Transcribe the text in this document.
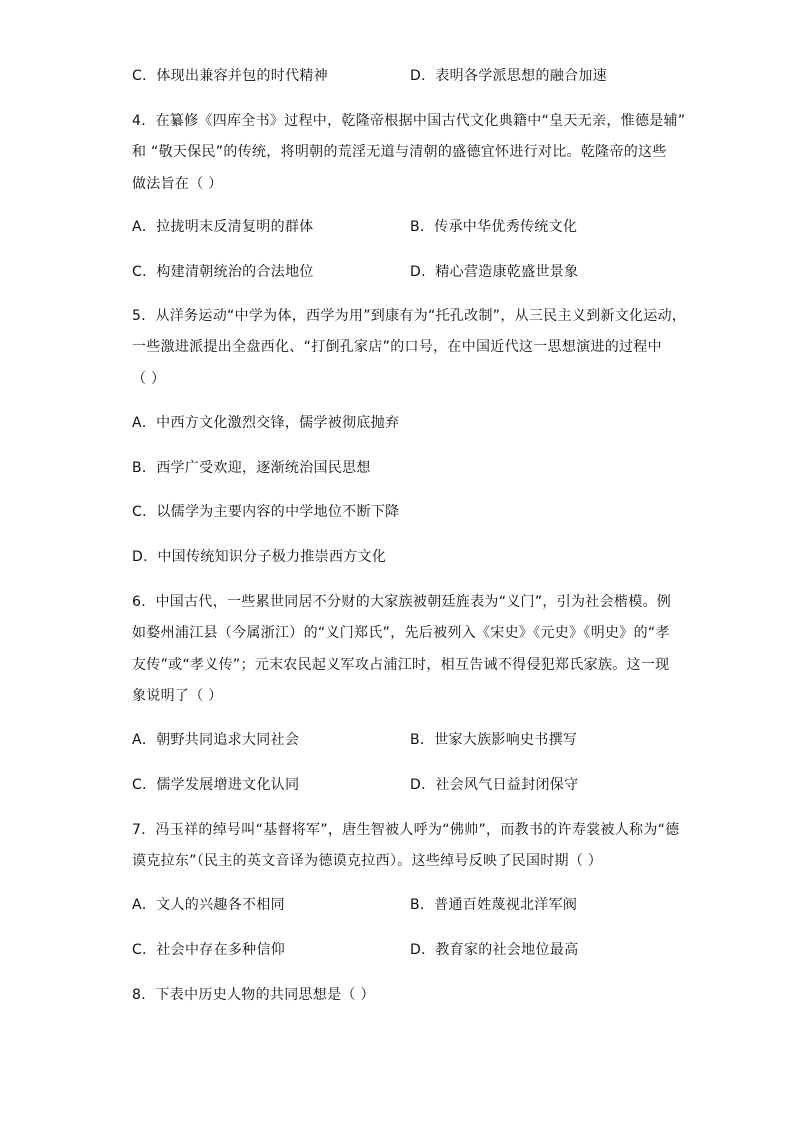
C．体现出兼容并包的时代精神	D．表明各学派思想的融合加速
4．在纂修《四库全书》过程中，乾隆帝根据中国古代文化典籍中“皇天无亲，惟德是辅”
和 “敬天保民”的传统，将明朝的荒淫无道与清朝的盛德宜怀进行对比。乾隆帝的这些
做法旨在（ ）
A．拉拢明末反清复明的群体	B．传承中华优秀传统文化
C．构建清朝统治的合法地位	D．精心营造康乾盛世景象
5．从洋务运动“中学为体，西学为用”到康有为“托孔改制”，从三民主义到新文化运动，
一些激进派提出全盘西化、“打倒孔家店”的口号，在中国近代这一思想演进的过程中
（ ）
A．中西方文化激烈交锋，儒学被彻底抛弃
B．西学广受欢迎，逐渐统治国民思想
C．以儒学为主要内容的中学地位不断下降
D．中国传统知识分子极力推崇西方文化
6．中国古代，一些累世同居不分财的大家族被朝廷旌表为“义门”，引为社会楷模。例
如婺州浦江县（今属浙江）的“义门郑氏”，先后被列入《宋史》《元史》《明史》的“孝
友传”或“孝义传”；元末农民起义军攻占浦江时，相互告诫不得侵犯郑氏家族。这一现
象说明了（ ）
A．朝野共同追求大同社会	B．世家大族影响史书撰写
C．儒学发展增进文化认同	D．社会风气日益封闭保守
7．冯玉祥的绰号叫“基督将军”，唐生智被人呼为“佛帅”，而教书的许寿裳被人称为“德
谟克拉东”（民主的英文音译为德谟克拉西）。这些绰号反映了民国时期（ ）
A．文人的兴趣各不相同	B．普通百姓蔑视北洋军阀
C．社会中存在多种信仰	D．教育家的社会地位最高
8．下表中历史人物的共同思想是（ ）
